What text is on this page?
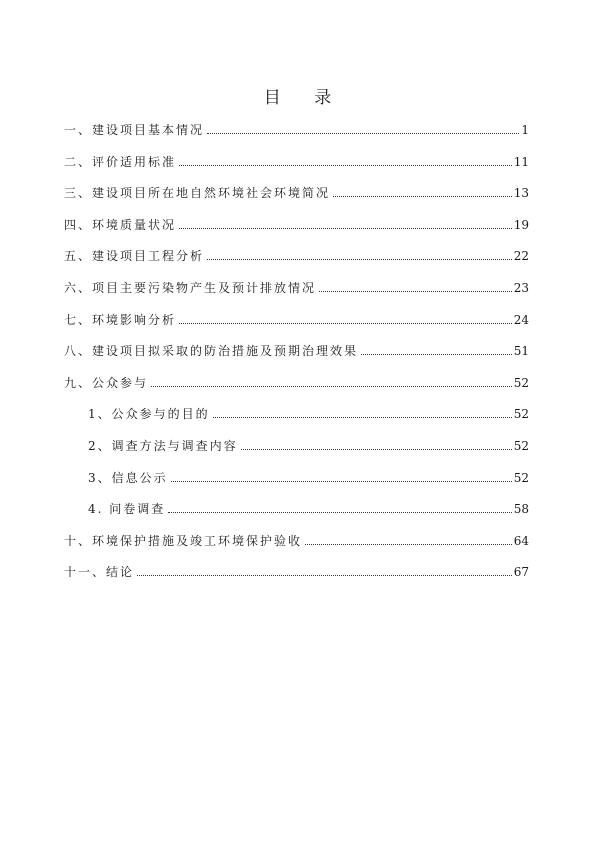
目 录
一、建设项目基本情况	1
二、评价适用标准	11
三、建设项目所在地自然环境社会环境简况	13
四、环境质量状况	19
五、建设项目工程分析	22
六、项目主要污染物产生及预计排放情况	23
七、环境影响分析	24
八、建设项目拟采取的防治措施及预期治理效果	51
九、公众参与	52
1、公众参与的目的	52
2、调查方法与调查内容	52
3、信息公示	52
4. 问卷调查	58
十、环境保护措施及竣工环境保护验收	64
十一、结论	67
